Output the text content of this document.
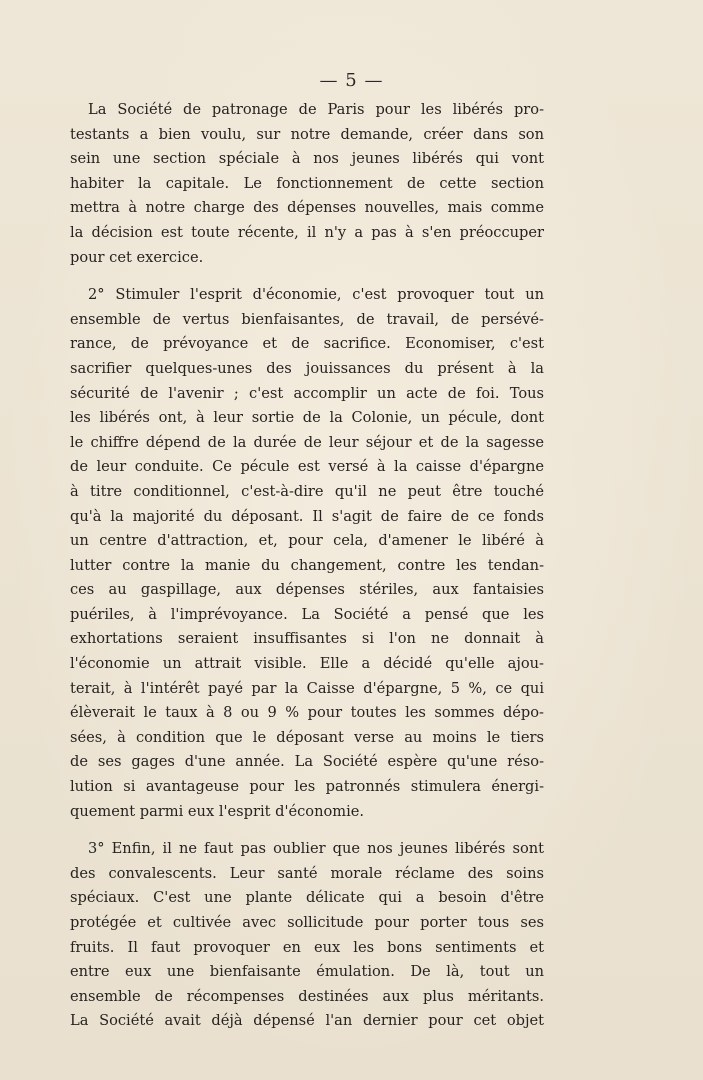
— 5 —

La Société de patronage de Paris pour les libérés pro-
testants a bien voulu, sur notre demande, créer dans son
sein une section spéciale à nos jeunes libérés qui vont
habiter la capitale. Le fonctionnement de cette section
mettra à notre charge des dépenses nouvelles, mais comme
la décision est toute récente, il n'y a pas à s'en préoccuper
pour cet exercice.

2° Stimuler l'esprit d'économie, c'est provoquer tout un
ensemble de vertus bienfaisantes, de travail, de persévé-
rance, de prévoyance et de sacrifice. Economiser, c'est
sacrifier quelques-unes des jouissances du présent à la
sécurité de l'avenir ; c'est accomplir un acte de foi. Tous
les libérés ont, à leur sortie de la Colonie, un pécule, dont
le chiffre dépend de la durée de leur séjour et de la sagesse
de leur conduite. Ce pécule est versé à la caisse d'épargne
à titre conditionnel, c'est-à-dire qu'il ne peut être touché
qu'à la majorité du déposant. Il s'agit de faire de ce fonds
un centre d'attraction, et, pour cela, d'amener le libéré à
lutter contre la manie du changement, contre les tendan-
ces au gaspillage, aux dépenses stériles, aux fantaisies
puériles, à l'imprévoyance. La Société a pensé que les
exhortations seraient insuffisantes si l'on ne donnait à
l'économie un attrait visible. Elle a décidé qu'elle ajou-
terait, à l'intérêt payé par la Caisse d'épargne, 5 %, ce qui
élèverait le taux à 8 ou 9 % pour toutes les sommes dépo-
sées, à condition que le déposant verse au moins le tiers
de ses gages d'une année. La Société espère qu'une réso-
lution si avantageuse pour les patronnés stimulera énergi-
quement parmi eux l'esprit d'économie.

3° Enfin, il ne faut pas oublier que nos jeunes libérés sont
des convalescents. Leur santé morale réclame des soins
spéciaux. C'est une plante délicate qui a besoin d'être
protégée et cultivée avec sollicitude pour porter tous ses
fruits. Il faut provoquer en eux les bons sentiments et
entre eux une bienfaisante émulation. De là, tout un
ensemble de récompenses destinées aux plus méritants.
La Société avait déjà dépensé l'an dernier pour cet objet
